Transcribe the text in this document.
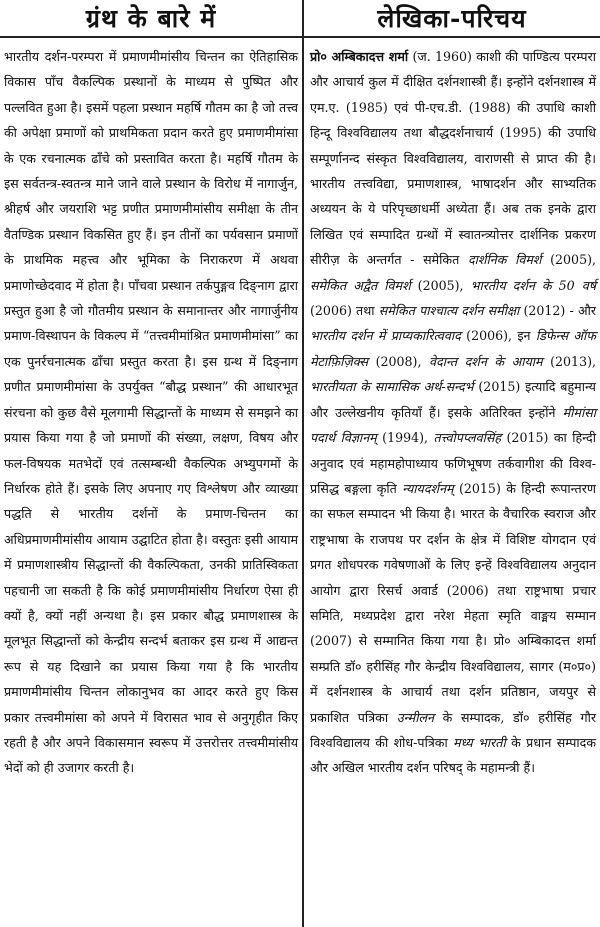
ग्रंथ के बारे में

भारतीय दर्शन-परम्परा में प्रमाणमीमांसीय चिन्तन का ऐतिहासिक विकास पाँच वैकल्पिक प्रस्थानों के माध्यम से पुष्पित और पल्लवित हुआ है। इसमें पहला प्रस्थान महर्षि गौतम का है जो तत्त्व की अपेक्षा प्रमाणों को प्राथमिकता प्रदान करते हुए प्रमाणमीमांसा के एक रचनात्मक ढाँचे को प्रस्तावित करता है। महर्षि गौतम के इस सर्वतन्त्र-स्वतन्त्र माने जाने वाले प्रस्थान के विरोध में नागार्जुन, श्रीहर्ष और जयराशि भट्ट प्रणीत प्रमाणमीमांसीय समीक्षा के तीन वैतण्डिक प्रस्थान विकसित हुए हैं। इन तीनों का पर्यवसान प्रमाणों के प्राथमिक महत्त्व और भूमिका के निराकरण में अथवा प्रमाणोच्छेदवाद में होता है। पाँचवा प्रस्थान तर्कपुङ्गव दिङ्नाग द्वारा प्रस्तुत हुआ है जो गौतमीय प्रस्थान के समानान्तर और नागार्जुनीय प्रमाण-विस्थापन के विकल्प में “तत्त्वमीमांश्रित प्रमाणमीमांसा” का एक पुनर्रचनात्मक ढाँचा प्रस्तुत करता है। इस ग्रन्थ में दिङ्नाग प्रणीत प्रमाणमीमांसा के उपर्युक्त “बौद्ध प्रस्थान” की आधारभूत संरचना को कुछ वैसे मूलगामी सिद्धान्तों के माध्यम से समझने का प्रयास किया गया है जो प्रमाणों की संख्या, लक्षण, विषय और फल-विषयक मतभेदों एवं तत्सम्बन्धी वैकल्पिक अभ्युपगमों के निर्धारक होते हैं। इसके लिए अपनाए गए विश्लेषण और व्याख्या पद्धति से भारतीय दर्शनों के प्रमाण-चिन्तन का अधिप्रमाणमीमांसीय आयाम उद्घाटित होता है। वस्तुतः इसी आयाम में प्रमाणशास्त्रीय सिद्धान्तों की वैकल्पिकता, उनकी प्रातिस्विकता पहचानी जा सकती है कि कोई प्रमाणमीमांसीय निर्धारण ऐसा ही क्यों है, क्यों नहीं अन्यथा है। इस प्रकार बौद्ध प्रमाणशास्त्र के मूलभूत सिद्धान्तों को केन्द्रीय सन्दर्भ बताकर इस ग्रन्थ में आद्यन्त रूप से यह दिखाने का प्रयास किया गया है कि भारतीय प्रमाणमीमांसीय चिन्तन लोकानुभव का आदर करते हुए किस प्रकार तत्त्वमीमांसा को अपने में विरासत भाव से अनुगृहीत किए रहती है और अपने विकासमान स्वरूप में उत्तरोत्तर तत्त्वमीमांसीय भेदों को ही उजागर करती है।

लेखिका-परिचय

प्रो० अम्बिकादत्त शर्मा (ज. 1960) काशी की पाण्डित्य परम्परा और आचार्य कुल में दीक्षित दर्शनशास्त्री हैं। इन्होंने दर्शनशास्त्र में एम.ए. (1985) एवं पी-एच.डी. (1988) की उपाधि काशी हिन्दू विश्वविद्यालय तथा बौद्धदर्शनाचार्य (1995) की उपाधि सम्पूर्णानन्द संस्कृत विश्वविद्यालय, वाराणसी से प्राप्त की है। भारतीय तत्त्वविद्या, प्रमाणशास्त्र, भाषादर्शन और साभ्यतिक अध्ययन के ये परिपृच्छाधर्मी अध्येता हैं। अब तक इनके द्वारा लिखित एवं सम्पादित ग्रन्थों में स्वातन्त्र्योत्तर दार्शनिक प्रकरण सीरीज़ के अन्तर्गत - समेकित दार्शनिक विमर्श (2005), समेकित अद्वैत विमर्श (2005), भारतीय दर्शन के 50 वर्ष (2006) तथा समेकित पाश्चात्य दर्शन समीक्षा (2012) - और भारतीय दर्शन में प्राप्यकारित्ववाद (2006), इन डिफेन्स ऑफ मेटाफ़िज़िक्स (2008), वेदान्त दर्शन के आयाम (2013), भारतीयता के सामासिक अर्थ-सन्दर्भ (2015) इत्यादि बहुमान्य और उल्लेखनीय कृतियाँ हैं। इसके अतिरिक्त इन्होंने मीमांसा पदार्थ विज्ञानम् (1994), तत्त्वोपप्लवसिंह (2015) का हिन्दी अनुवाद एवं महामहोपाध्याय फणिभूषण तर्कवागीश की विश्व-प्रसिद्ध बङ्गला कृति न्यायदर्शनम् (2015) के हिन्दी रूपान्तरण का सफल सम्पादन भी किया है। भारत के वैचारिक स्वराज और राष्ट्रभाषा के राजपथ पर दर्शन के क्षेत्र में विशिष्ट योगदान एवं प्रगत शोधपरक गवेषणाओं के लिए इन्हें विश्वविद्यालय अनुदान आयोग द्वारा रिसर्च अवार्ड (2006) तथा राष्ट्रभाषा प्रचार समिति, मध्यप्रदेश द्वारा नरेश मेहता स्मृति वाङ्मय सम्मान (2007) से सम्मानित किया गया है। प्रो० अम्बिकादत्त शर्मा सम्प्रति डॉ० हरीसिंह गौर केन्द्रीय विश्वविद्यालय, सागर (म०प्र०) में दर्शनशास्त्र के आचार्य तथा दर्शन प्रतिष्ठान, जयपुर से प्रकाशित पत्रिका उन्मीलन के सम्पादक, डॉ० हरीसिंह गौर विश्वविद्यालय की शोध-पत्रिका मध्य भारती के प्रधान सम्पादक और अखिल भारतीय दर्शन परिषद् के महामन्त्री हैं।
